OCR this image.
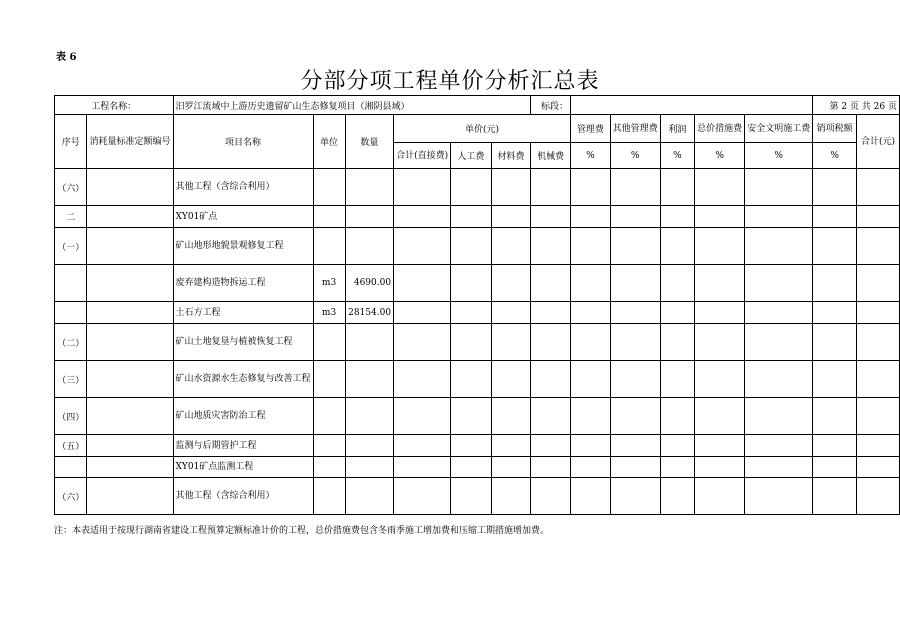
表 6
分部分项工程单价分析汇总表
工程名称：		汨罗江流域中上游历史遗留矿山生态修复项目（湘阴县域）						标段：						第 2 页 共 26 页	
序号	消耗量标准定额编号	项目名称	单位	数量	单价(元)				管理费	其他管理费	利润	总价措施费	安全文明施工费	销项税额	合计(元)
					合计(直接费)	人工费	材料费	机械费	%	%	%	%	%	%	
（六）		其他工程（含综合利用）													
二		XY01矿点													
（一）		矿山地形地貌景观修复工程													
		废弃建构造物拆运工程	m3	4690.00											
		土石方工程	m3	28154.00											
（二）		矿山土地复垦与植被恢复工程													
（三）		矿山水资源水生态修复与改善工程													
（四）		矿山地质灾害防治工程													
（五）		监测与后期管护工程													
		XY01矿点监测工程													
（六）		其他工程（含综合利用）													
注：本表适用于按现行湖南省建设工程预算定额标准计价的工程，总价措施费包含冬雨季施工增加费和压缩工期措施增加费。
